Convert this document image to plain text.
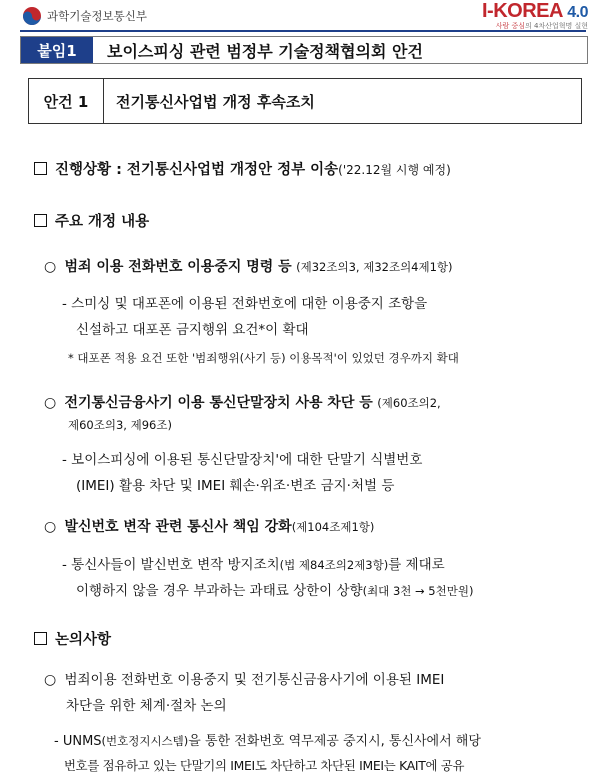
과학기술정보통신부	I-KOREA 4.0
사람 중심의 4차산업혁명 실현
붙임1	보이스피싱 관련 범정부 기술정책협의회 안건
안건 1	전기통신사업법 개정 후속조치
진행상황 : 전기통신사업법 개정안 정부 이송('22.12월 시행 예정)
주요 개정 내용
○ 범죄 이용 전화번호 이용중지 명령 등 (제32조의3, 제32조의4제1항)
- 스미싱 및 대포폰에 이용된 전화번호에 대한 이용중지 조항을
신설하고 대포폰 금지행위 요건*이 확대
* 대포폰 적용 요건 또한 '범죄행위(사기 등) 이용목적'이 있었던 경우까지 확대
○ 전기통신금융사기 이용 통신단말장치 사용 차단 등 (제60조의2,
제60조의3, 제96조)
- 보이스피싱에 이용된 통신단말장치'에 대한 단말기 식별번호
(IMEI) 활용 차단 및 IMEI 훼손·위조·변조 금지·처벌 등
○ 발신번호 변작 관련 통신사 책임 강화(제104조제1항)
- 통신사들이 발신번호 변작 방지조치(법 제84조의2제3항)를 제대로
이행하지 않을 경우 부과하는 과태료 상한이 상향(최대 3천 → 5천만원)
논의사항
○ 범죄이용 전화번호 이용중지 및 전기통신금융사기에 이용된 IMEI
차단을 위한 체계·절차 논의
- UNMS(번호정지시스템)을 통한 전화번호 역무제공 중지시, 통신사에서 해당
번호를 점유하고 있는 단말기의 IMEI도 차단하고 차단된 IMEI는 KAIT에 공유
